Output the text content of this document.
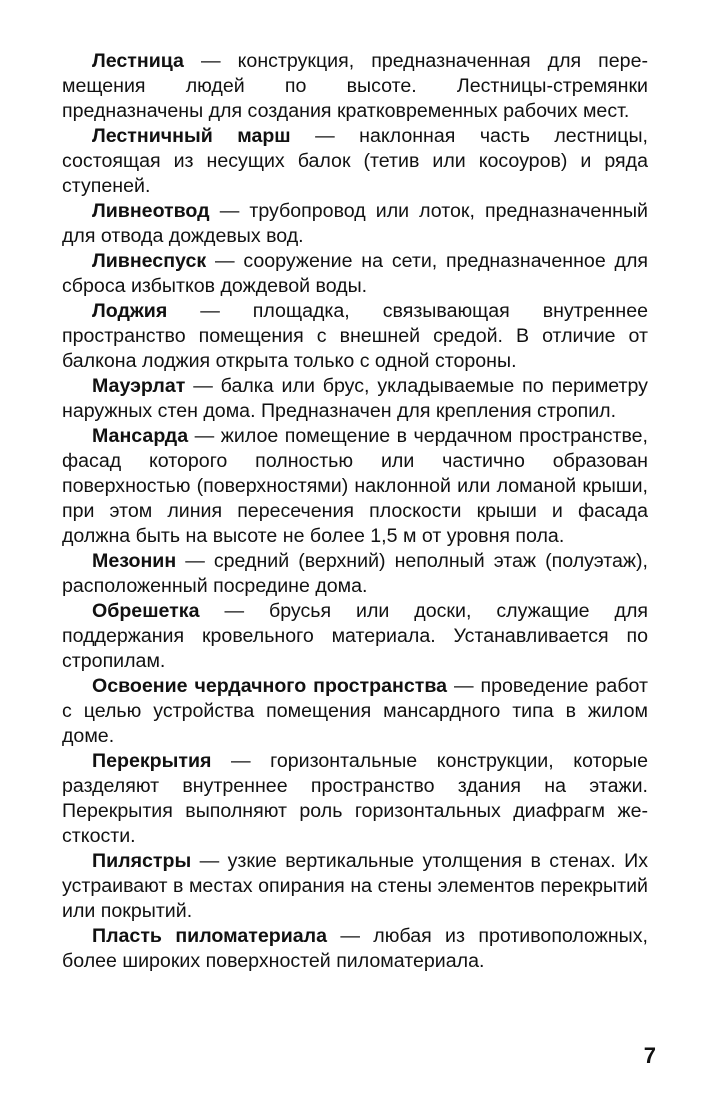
Лестница — конструкция, предназначенная для перемещения людей по высоте. Лестницы-стремянки предназначены для создания кратковременных рабочих мест.

Лестничный марш — наклонная часть лестницы, состоящая из несущих балок (тетив или косоуров) и ряда ступеней.

Ливнеотвод — трубопровод или лоток, предназначенный для отвода дождевых вод.

Ливнеспуск — сооружение на сети, предназначенное для сброса избытков дождевой воды.

Лоджия — площадка, связывающая внутреннее пространство помещения с внешней средой. В отличие от балкона лоджия открыта только с одной стороны.

Мауэрлат — балка или брус, укладываемые по периметру наружных стен дома. Предназначен для крепления стропил.

Мансарда — жилое помещение в чердачном пространстве, фасад которого полностью или частично образован поверхностью (поверхностями) наклонной или ломаной крыши, при этом линия пересечения плоскости крыши и фасада должна быть на высоте не более 1,5 м от уровня пола.

Мезонин — средний (верхний) неполный этаж (полуэтаж), расположенный посредине дома.

Обрешетка — брусья или доски, служащие для поддержания кровельного материала. Устанавливается по стропилам.

Освоение чердачного пространства — проведение работ с целью устройства помещения мансардного типа в жилом доме.

Перекрытия — горизонтальные конструкции, которые разделяют внутреннее пространство здания на этажи. Перекрытия выполняют роль горизонтальных диафрагм жесткости.

Пилястры — узкие вертикальные утолщения в стенах. Их устраивают в местах опирания на стены элементов перекрытий или покрытий.

Пласть пиломатериала — любая из противоположных, более широких поверхностей пиломатериала.

7
